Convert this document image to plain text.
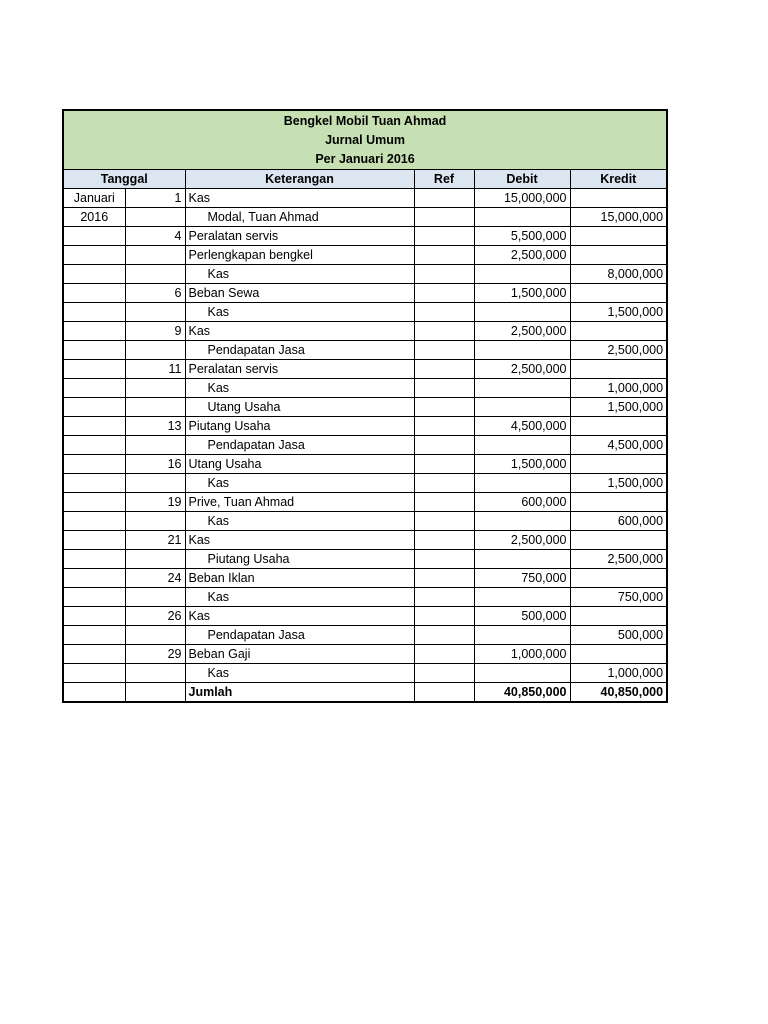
Bengkel Mobil Tuan Ahmad
Jurnal Umum
Per Januari 2016					

Tanggal		Keterangan	Ref	Debit	Kredit
Januari	1	Kas		15,000,000	
2016		Modal, Tuan Ahmad			15,000,000
	4	Peralatan servis		5,500,000	
		Perlengkapan bengkel		2,500,000	
		Kas			8,000,000
	6	Beban Sewa		1,500,000	
		Kas			1,500,000
	9	Kas		2,500,000	
		Pendapatan Jasa			2,500,000
	11	Peralatan servis		2,500,000	
		Kas			1,000,000
		Utang Usaha			1,500,000
	13	Piutang Usaha		4,500,000	
		Pendapatan Jasa			4,500,000
	16	Utang Usaha		1,500,000	
		Kas			1,500,000
	19	Prive, Tuan Ahmad		600,000	
		Kas			600,000
	21	Kas		2,500,000	
		Piutang Usaha			2,500,000
	24	Beban Iklan		750,000	
		Kas			750,000
	26	Kas		500,000	
		Pendapatan Jasa			500,000
	29	Beban Gaji		1,000,000	
		Kas			1,000,000
		Jumlah		40,850,000	40,850,000
